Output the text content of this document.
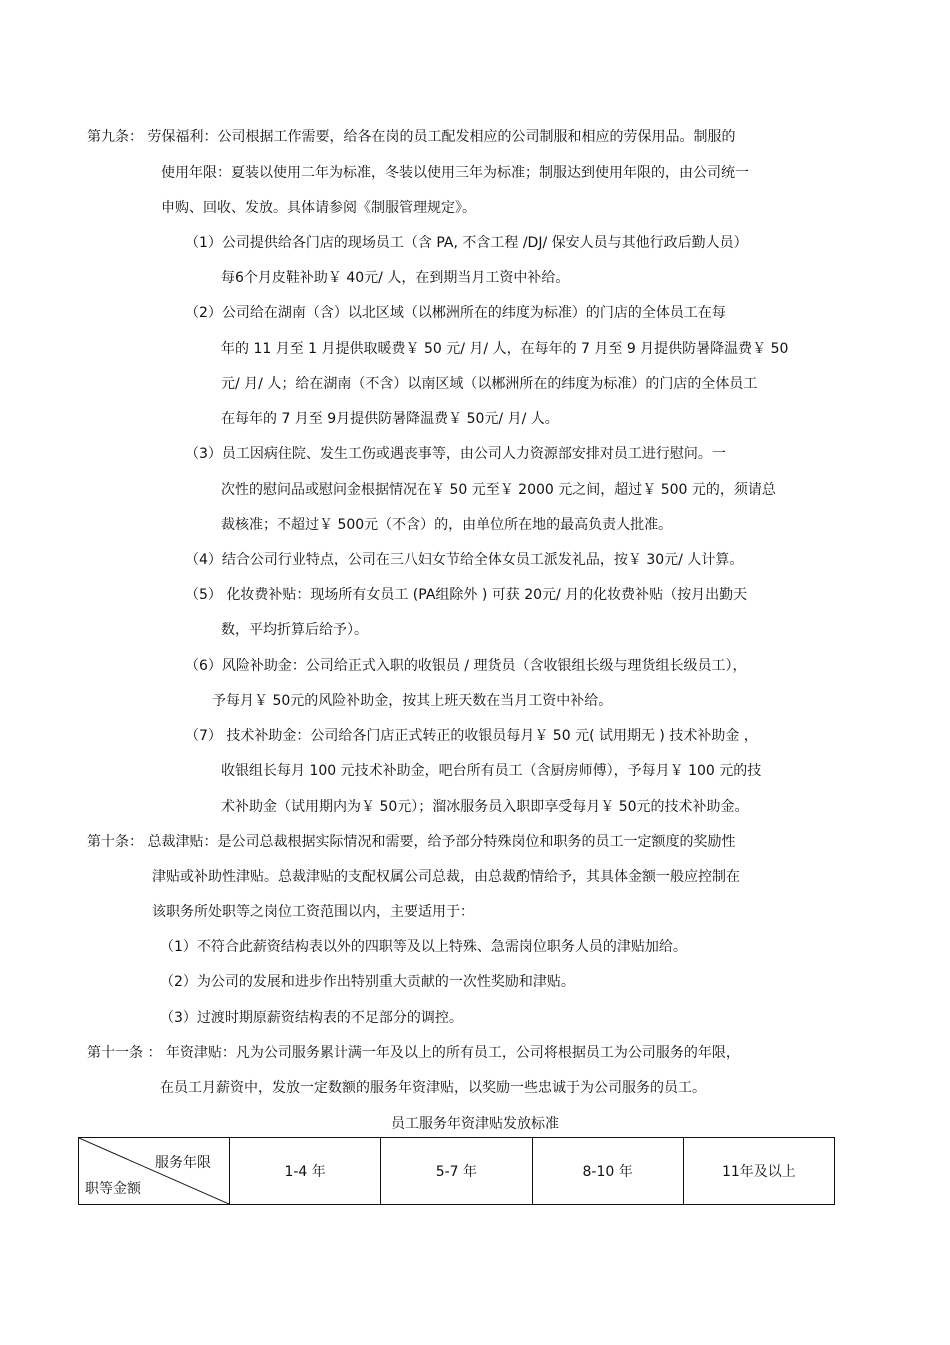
第九条： 劳保福利：公司根据工作需要，给各在岗的员工配发相应的公司制服和相应的劳保用品。制服的
使用年限：夏装以使用二年为标准，冬装以使用三年为标准；制服达到使用年限的，由公司统一
申购、回收、发放。具体请参阅《制服管理规定》。
（1）公司提供给各门店的现场员工（含 PA, 不含工程 /DJ/ 保安人员与其他行政后勤人员）
每6个月皮鞋补助￥ 40元/ 人，在到期当月工资中补给。
（2）公司给在湖南（含）以北区域（以郴洲所在的纬度为标准）的门店的全体员工在每
年的 11 月至 1 月提供取暖费￥ 50 元/ 月/ 人，在每年的 7 月至 9 月提供防暑降温费￥ 50
元/ 月/ 人；给在湖南（不含）以南区域（以郴洲所在的纬度为标准）的门店的全体员工
在每年的 7 月至 9月提供防暑降温费￥ 50元/ 月/ 人。
（3）员工因病住院、发生工伤或遇丧事等，由公司人力资源部安排对员工进行慰问。一
次性的慰问品或慰问金根据情况在￥ 50 元至￥ 2000 元之间，超过￥ 500 元的，须请总
裁核准；不超过￥ 500元（不含）的，由单位所在地的最高负责人批准。
（4）结合公司行业特点，公司在三八妇女节给全体女员工派发礼品，按￥ 30元/ 人计算。
（5） 化妆费补贴：现场所有女员工 (PA组除外 ) 可获 20元/ 月的化妆费补贴（按月出勤天
数，平均折算后给予）。
（6）风险补助金：公司给正式入职的收银员 / 理货员（含收银组长级与理货组长级员工），
予每月￥ 50元的风险补助金，按其上班天数在当月工资中补给。
（7） 技术补助金：公司给各门店正式转正的收银员每月￥ 50 元( 试用期无 ) 技术补助金 ，
收银组长每月 100 元技术补助金，吧台所有员工（含厨房师傅），予每月￥ 100 元的技
术补助金（试用期内为￥ 50元）；溜冰服务员入职即享受每月￥ 50元的技术补助金。
第十条： 总裁津贴：是公司总裁根据实际情况和需要，给予部分特殊岗位和职务的员工一定额度的奖励性
津贴或补助性津贴。总裁津贴的支配权属公司总裁，由总裁酌情给予，其具体金额一般应控制在
该职务所处职等之岗位工资范围以内，主要适用于：
（1）不符合此薪资结构表以外的四职等及以上特殊、急需岗位职务人员的津贴加给。
（2）为公司的发展和进步作出特别重大贡献的一次性奖励和津贴。
（3）过渡时期原薪资结构表的不足部分的调控。
第十一条 ： 年资津贴：凡为公司服务累计满一年及以上的所有员工，公司将根据员工为公司服务的年限，
在员工月薪资中，发放一定数额的服务年资津贴，以奖励一些忠诚于为公司服务的员工。
员工服务年资津贴发放标准
服务年限
职等金额
	1-4 年	5-7 年	8-10 年	11年及以上
